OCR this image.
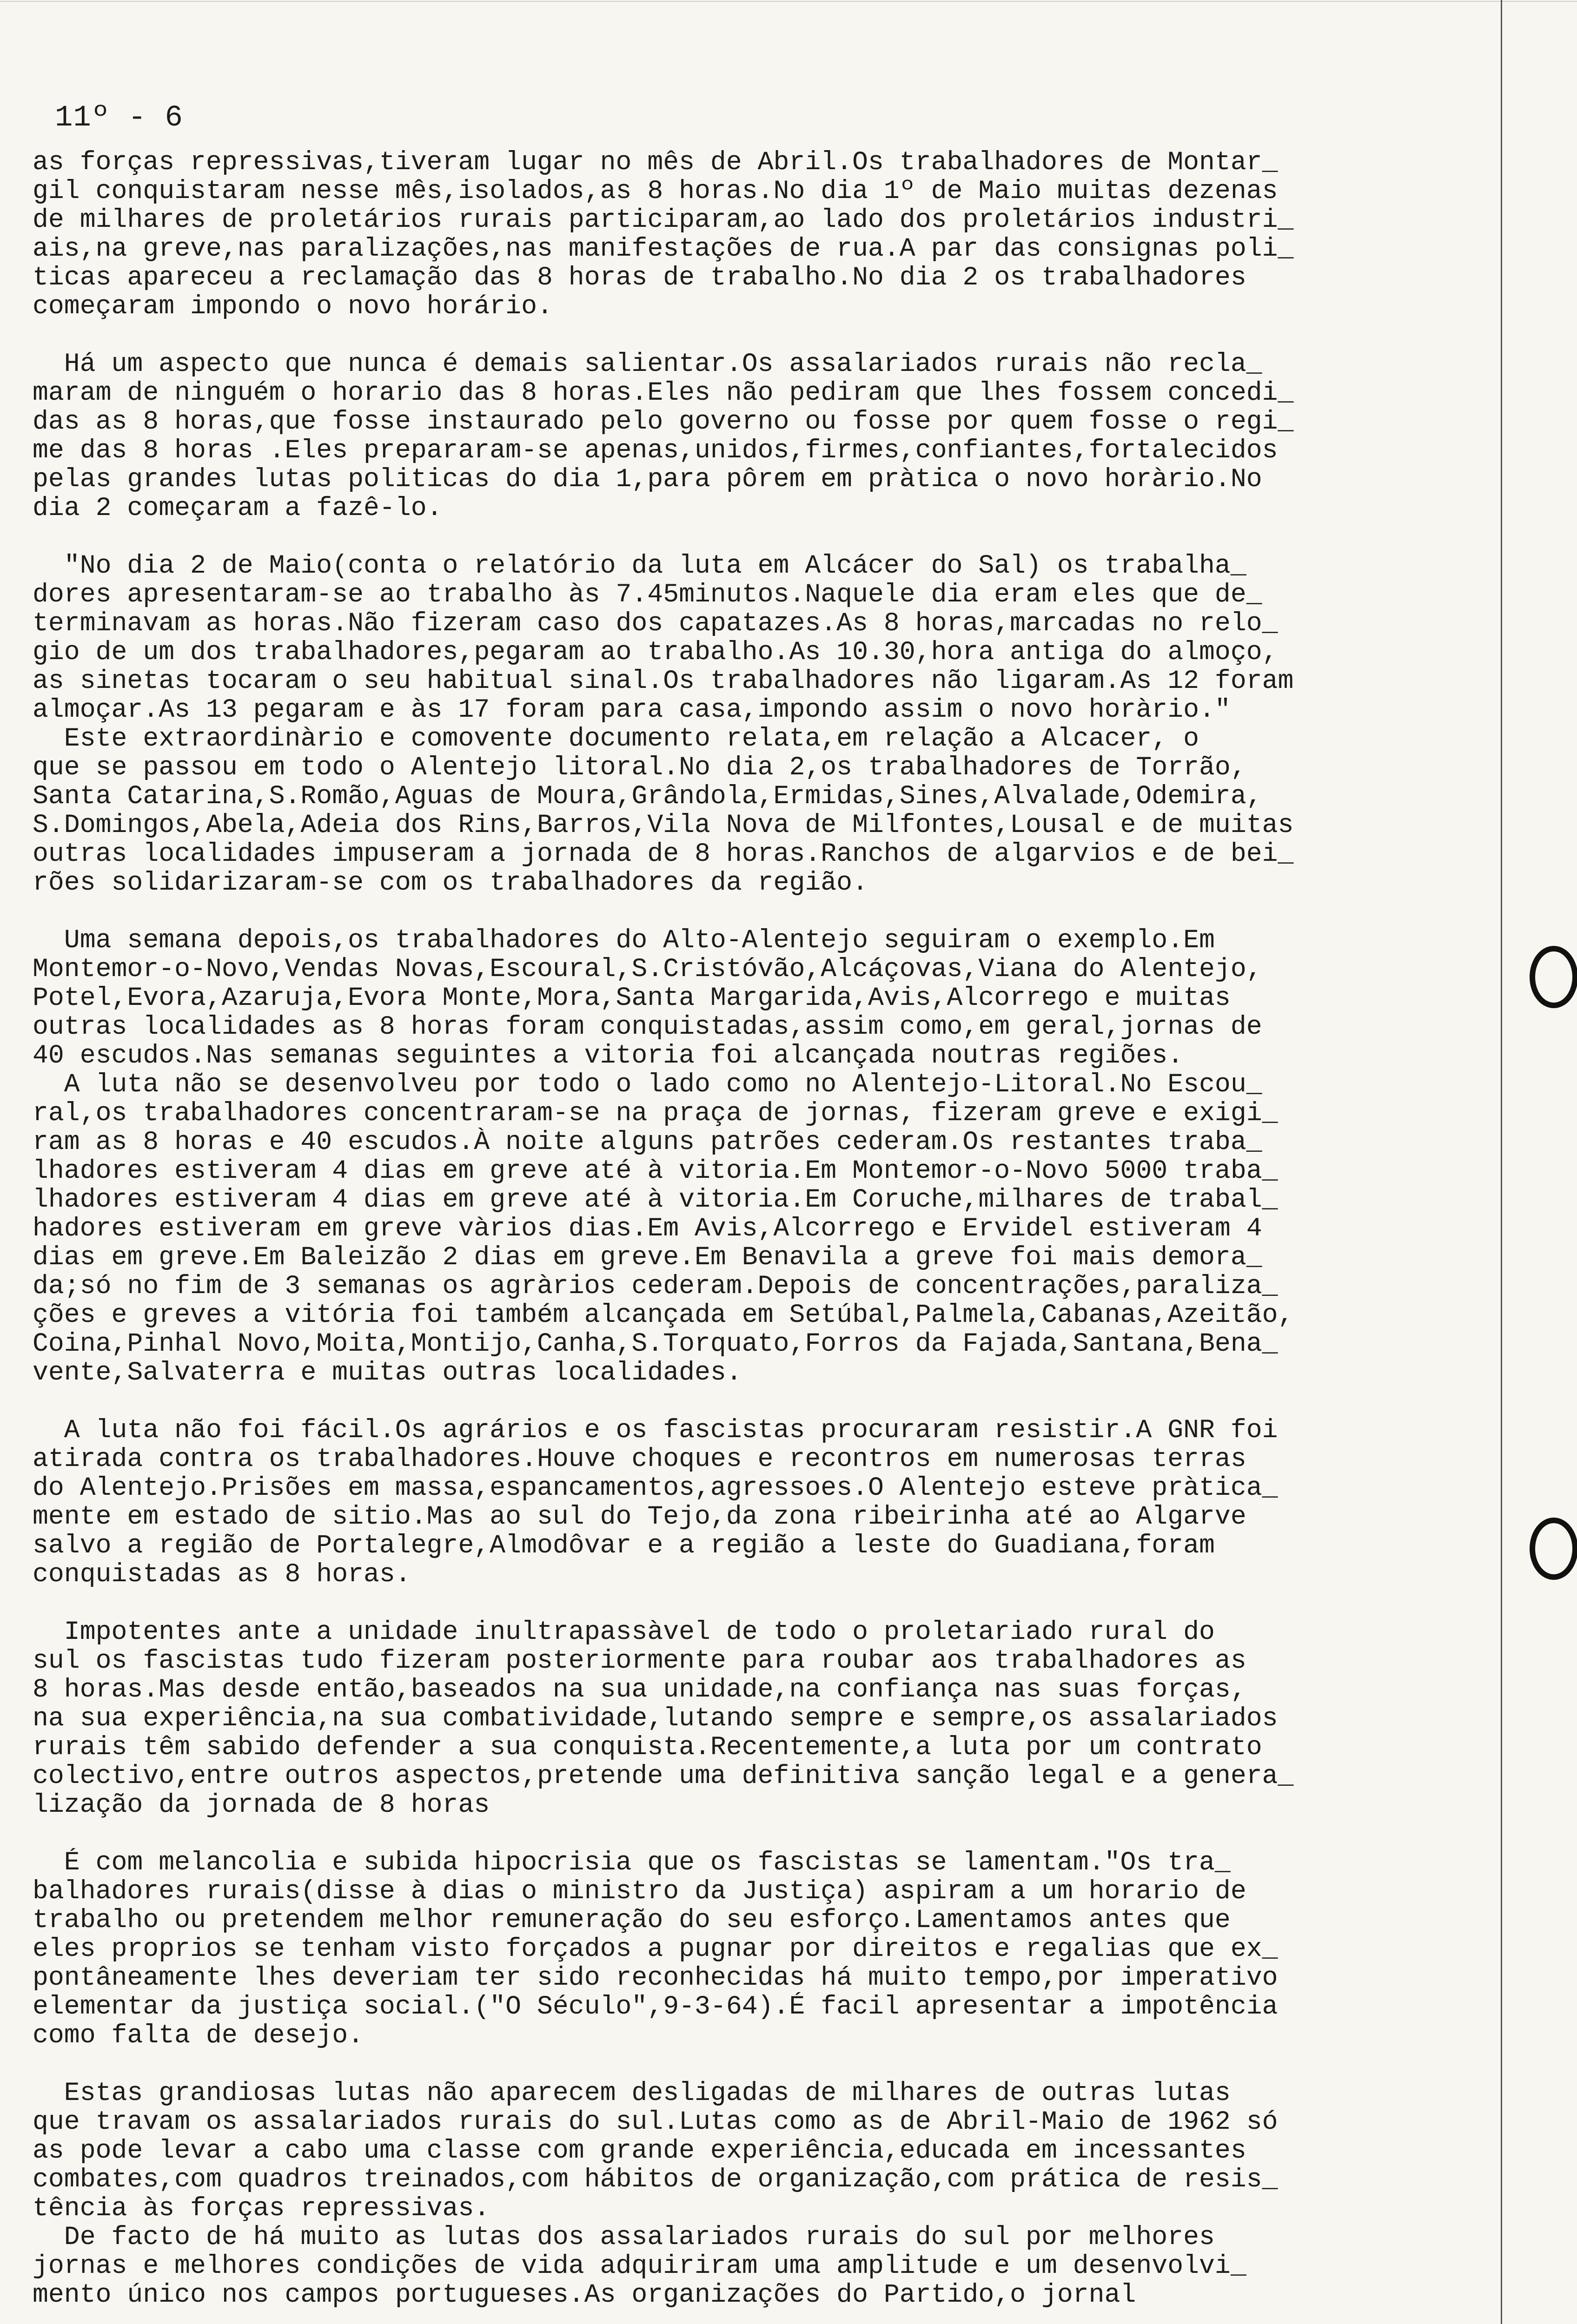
11º - 6
as forças repressivas,tiveram lugar no mês de Abril.Os trabalhadores de Montar_
gil conquistaram nesse mês,isolados,as 8 horas.No dia 1º de Maio muitas dezenas
de milhares de proletários rurais participaram,ao lado dos proletários industri_
ais,na greve,nas paralizações,nas manifestações de rua.A par das consignas poli_
ticas apareceu a reclamação das 8 horas de trabalho.No dia 2 os trabalhadores
começaram impondo o novo horário.
Há um aspecto que nunca é demais salientar.Os assalariados rurais não recla_
maram de ninguém o horario das 8 horas.Eles não pediram que lhes fossem concedi_
das as 8 horas,que fosse instaurado pelo governo ou fosse por quem fosse o regi_
me das 8 horas .Eles prepararam-se apenas,unidos,firmes,confiantes,fortalecidos
pelas grandes lutas politicas do dia 1,para pôrem em pràtica o novo horàrio.No
dia 2 começaram a fazê-lo.
"No dia 2 de Maio(conta o relatório da luta em Alcácer do Sal) os trabalha_
dores apresentaram-se ao trabalho às 7.45minutos.Naquele dia eram eles que de_
terminavam as horas.Não fizeram caso dos capatazes.As 8 horas,marcadas no relo_
gio de um dos trabalhadores,pegaram ao trabalho.As 10.30,hora antiga do almoço,
as sinetas tocaram o seu habitual sinal.Os trabalhadores não ligaram.As 12 foram
almoçar.As 13 pegaram e às 17 foram para casa,impondo assim o novo horàrio."
Este extraordinàrio e comovente documento relata,em relação a Alcacer, o
que se passou em todo o Alentejo litoral.No dia 2,os trabalhadores de Torrão,
Santa Catarina,S.Romão,Aguas de Moura,Grândola,Ermidas,Sines,Alvalade,Odemira,
S.Domingos,Abela,Adeia dos Rins,Barros,Vila Nova de Milfontes,Lousal e de muitas
outras localidades impuseram a jornada de 8 horas.Ranchos de algarvios e de bei_
rões solidarizaram-se com os trabalhadores da região.
Uma semana depois,os trabalhadores do Alto-Alentejo seguiram o exemplo.Em
Montemor-o-Novo,Vendas Novas,Escoural,S.Cristóvão,Alcáçovas,Viana do Alentejo,
Potel,Evora,Azaruja,Evora Monte,Mora,Santa Margarida,Avis,Alcorrego e muitas
outras localidades as 8 horas foram conquistadas,assim como,em geral,jornas de
40 escudos.Nas semanas seguintes a vitoria foi alcançada noutras regiões.
A luta não se desenvolveu por todo o lado como no Alentejo-Litoral.No Escou_
ral,os trabalhadores concentraram-se na praça de jornas, fizeram greve e exigi_
ram as 8 horas e 40 escudos.À noite alguns patrões cederam.Os restantes traba_
lhadores estiveram 4 dias em greve até à vitoria.Em Montemor-o-Novo 5000 traba_
lhadores estiveram 4 dias em greve até à vitoria.Em Coruche,milhares de trabal_
hadores estiveram em greve vàrios dias.Em Avis,Alcorrego e Ervidel estiveram 4
dias em greve.Em Baleizão 2 dias em greve.Em Benavila a greve foi mais demora_
da;só no fim de 3 semanas os agràrios cederam.Depois de concentrações,paraliza_
ções e greves a vitória foi também alcançada em Setúbal,Palmela,Cabanas,Azeitão,
Coina,Pinhal Novo,Moita,Montijo,Canha,S.Torquato,Forros da Fajada,Santana,Bena_
vente,Salvaterra e muitas outras localidades.
A luta não foi fácil.Os agrários e os fascistas procuraram resistir.A GNR foi
atirada contra os trabalhadores.Houve choques e recontros em numerosas terras
do Alentejo.Prisões em massa,espancamentos,agressoes.O Alentejo esteve pràtica_
mente em estado de sitio.Mas ao sul do Tejo,da zona ribeirinha até ao Algarve
salvo a região de Portalegre,Almodôvar e a região a leste do Guadiana,foram
conquistadas as 8 horas.
Impotentes ante a unidade inultrapassàvel de todo o proletariado rural do
sul os fascistas tudo fizeram posteriormente para roubar aos trabalhadores as
8 horas.Mas desde então,baseados na sua unidade,na confiança nas suas forças,
na sua experiência,na sua combatividade,lutando sempre e sempre,os assalariados
rurais têm sabido defender a sua conquista.Recentemente,a luta por um contrato
colectivo,entre outros aspectos,pretende uma definitiva sanção legal e a genera_
lização da jornada de 8 horas
É com melancolia e subida hipocrisia que os fascistas se lamentam."Os tra_
balhadores rurais(disse à dias o ministro da Justiça) aspiram a um horario de
trabalho ou pretendem melhor remuneração do seu esforço.Lamentamos antes que
eles proprios se tenham visto forçados a pugnar por direitos e regalias que ex_
pontâneamente lhes deveriam ter sido reconhecidas há muito tempo,por imperativo
elementar da justiça social.("O Século",9-3-64).É facil apresentar a impotência
como falta de desejo.
Estas grandiosas lutas não aparecem desligadas de milhares de outras lutas
que travam os assalariados rurais do sul.Lutas como as de Abril-Maio de 1962 só
as pode levar a cabo uma classe com grande experiência,educada em incessantes
combates,com quadros treinados,com hábitos de organização,com prática de resis_
tência às forças repressivas.
De facto de há muito as lutas dos assalariados rurais do sul por melhores
jornas e melhores condições de vida adquiriram uma amplitude e um desenvolvi_
mento único nos campos portugueses.As organizações do Partido,o jornal
